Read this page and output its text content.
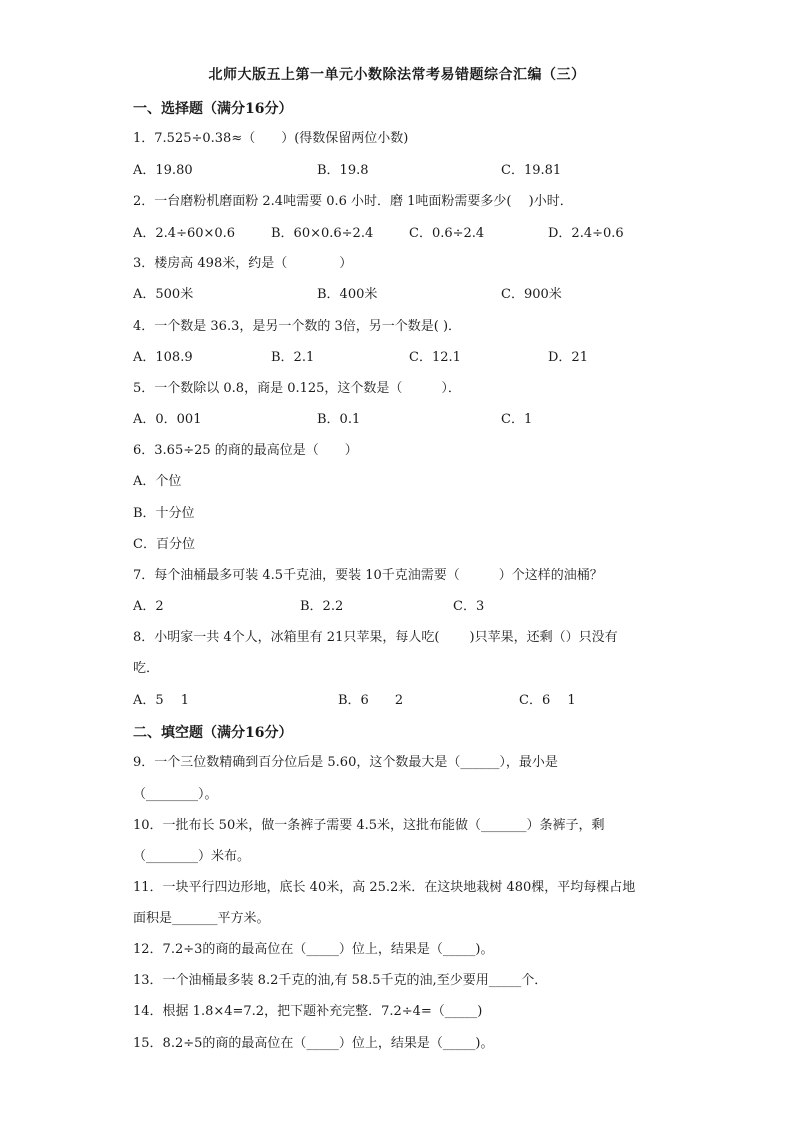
北师大版五上第一单元小数除法常考易错题综合汇编（三）
一、选择题（满分16分）
1．7.525÷0.38≈（　　）(得数保留两位小数)
A．19.80	B．19.8	C．19.81
2．一台磨粉机磨面粉 2.4吨需要 0.6 小时．磨 1吨面粉需要多少(　 )小时．
A．2.4÷60×0.6	B．60×0.6÷2.4	C．0.6÷2.4	D．2.4÷0.6
3．楼房高 498米，约是（　　　　）
A．500米	B．400米	C．900米
4．一个数是 36.3，是另一个数的 3倍，另一个数是( )．
A．108.9	B．2.1	C．12.1	D．21
5．一个数除以 0.8，商是 0.125，这个数是（　　　）．
A．0．001	B．0.1	C．1
6．3.65÷25 的商的最高位是（　　）
A．个位
B．十分位
C．百分位
7．每个油桶最多可装 4.5千克油，要装 10千克油需要（　　　）个这样的油桶？
A．2	B．2.2	C．3
8．小明家一共 4个人，冰箱里有 21只苹果，每人吃(　　 )只苹果，还剩（）只没有
吃．
A．5　 1	B．6　　2	C．6　 1
二、填空题（满分16分）
9．一个三位数精确到百分位后是 5.60，这个数最大是（______），最小是
（________）。
10．一批布长 50米，做一条裤子需要 4.5米，这批布能做（_______）条裤子，剩
（________）米布。
11．一块平行四边形地，底长 40米，高 25.2米．在这块地栽树 480棵，平均每棵占地
面积是_______平方米。
12．7.2÷3的商的最高位在（_____）位上，结果是（_____)。
13．一个油桶最多装 8.2千克的油,有 58.5千克的油,至少要用_____个．
14．根据 1.8×4=7.2，把下题补充完整．7.2÷4=（_____)
15．8.2÷5的商的最高位在（_____）位上，结果是（_____)。
